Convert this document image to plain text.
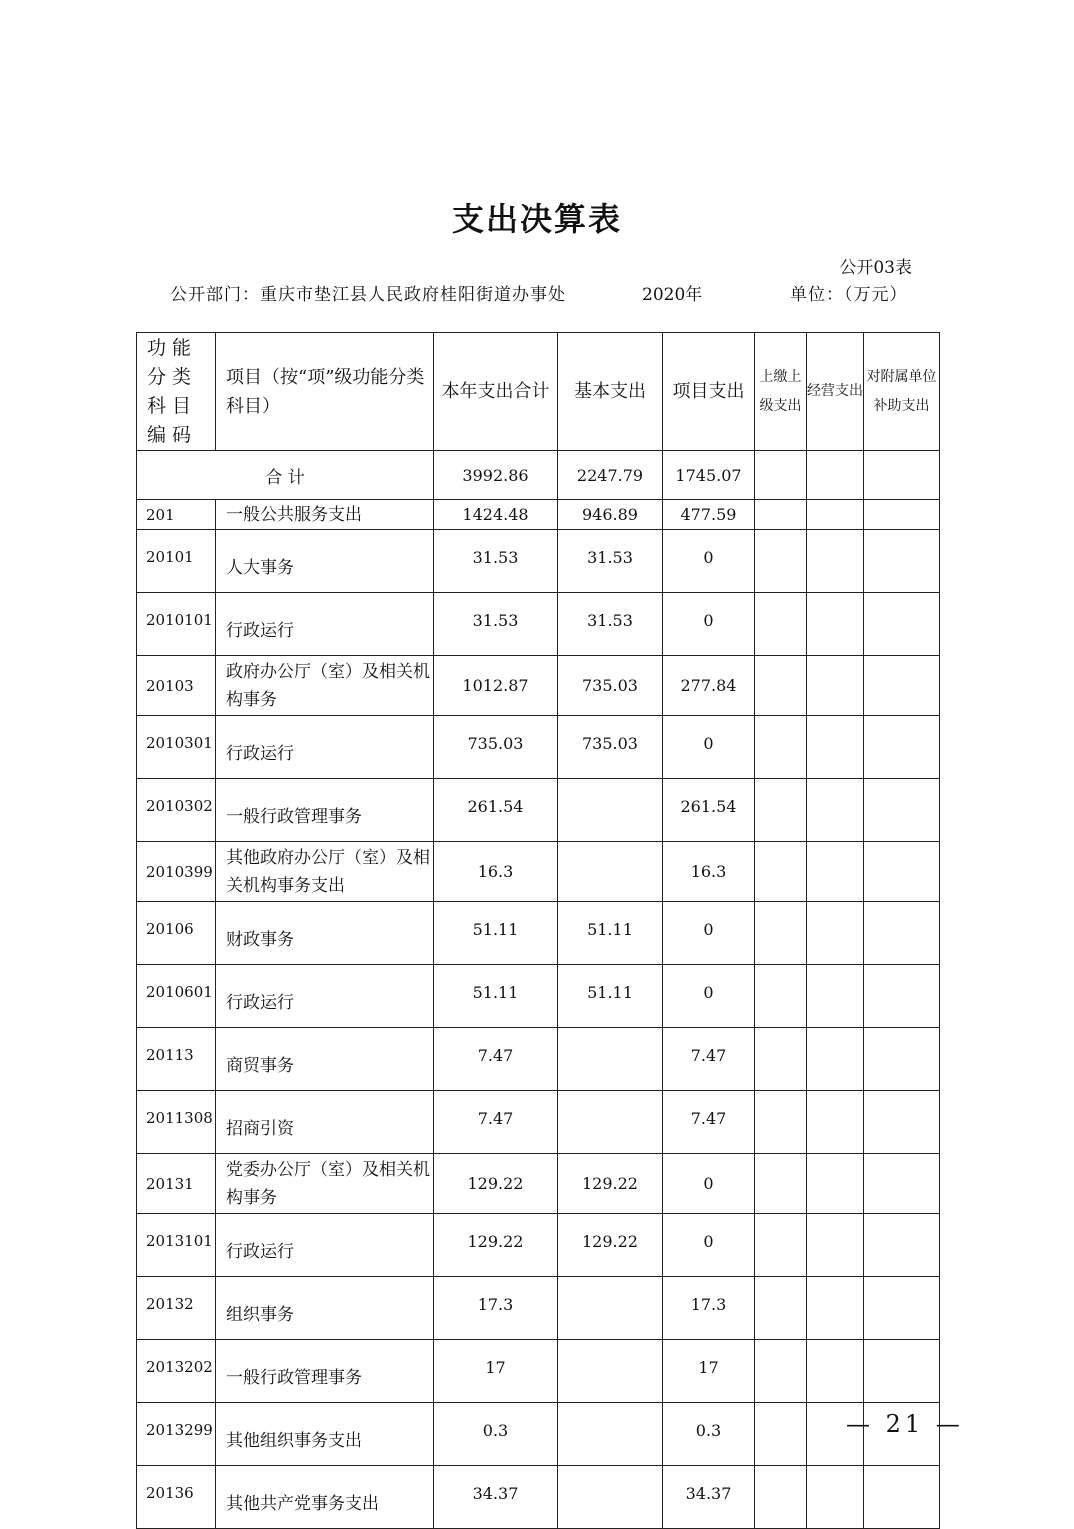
支出决算表
公开03表
公开部门：重庆市垫江县人民政府桂阳街道办事处	2020年	单位：（万元）
功能分类科目编码	项目（按“项”级功能分类科目）	本年支出合计	基本支出	项目支出	上缴上级支出	经营支出	对附属单位补助支出
合 计		3992.86	2247.79	1745.07			
201	一般公共服务支出	1424.48	946.89	477.59			
20101	人大事务	31.53	31.53	0			
2010101	行政运行	31.53	31.53	0			
20103	政府办公厅（室）及相关机构事务	1012.87	735.03	277.84			
2010301	行政运行	735.03	735.03	0			
2010302	一般行政管理事务	261.54		261.54			
2010399	其他政府办公厅（室）及相关机构事务支出	16.3		16.3			
20106	财政事务	51.11	51.11	0			
2010601	行政运行	51.11	51.11	0			
20113	商贸事务	7.47		7.47			
2011308	招商引资	7.47		7.47			
20131	党委办公厅（室）及相关机构事务	129.22	129.22	0			
2013101	行政运行	129.22	129.22	0			
20132	组织事务	17.3		17.3			
2013202	一般行政管理事务	17		17			
2013299	其他组织事务支出	0.3		0.3			
20136	其他共产党事务支出	34.37		34.37			
— 21 —
